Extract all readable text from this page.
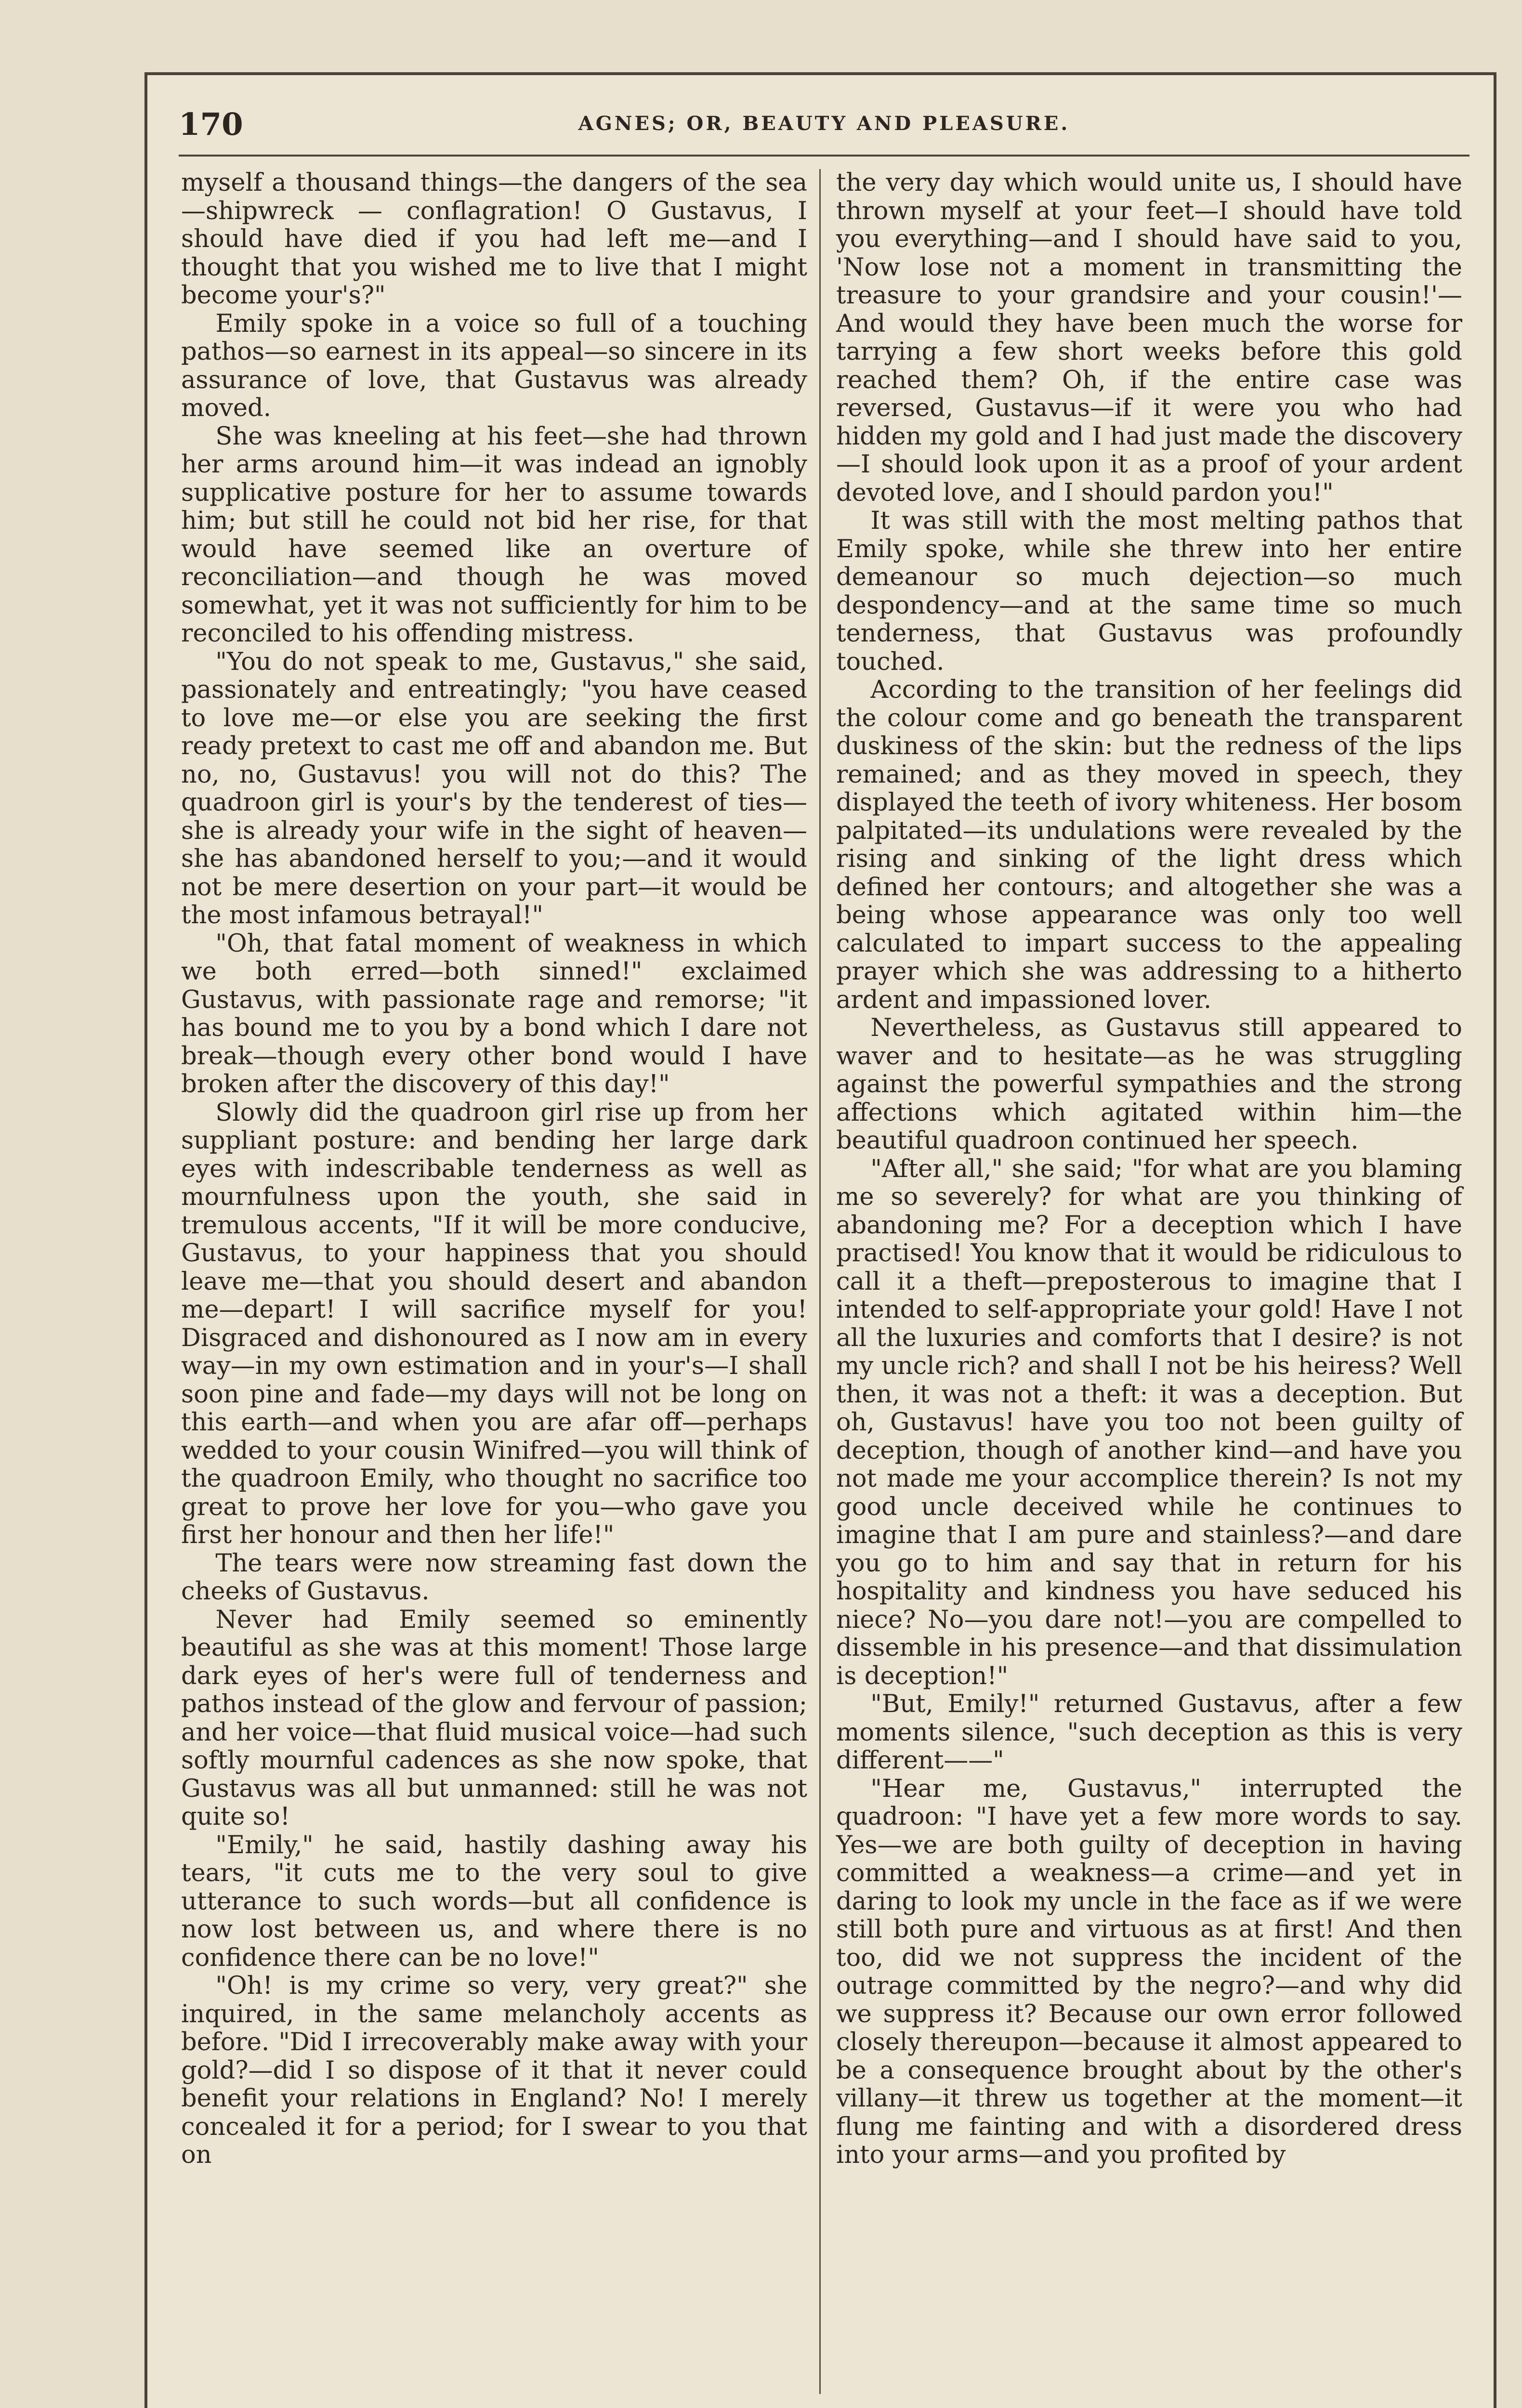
170	AGNES; OR, BEAUTY AND PLEASURE.

myself a thousand things—the dangers of the sea —shipwreck — conflagration! O Gustavus, I should have died if you had left me—and I thought that you wished me to live that I might become your's?"

Emily spoke in a voice so full of a touching pathos—so earnest in its appeal—so sincere in its assurance of love, that Gustavus was already moved.

She was kneeling at his feet—she had thrown her arms around him—it was indead an ignobly supplicative posture for her to assume towards him; but still he could not bid her rise, for that would have seemed like an overture of reconciliation—and though he was moved somewhat, yet it was not sufficiently for him to be reconciled to his offending mistress.

"You do not speak to me, Gustavus," she said, passionately and entreatingly; "you have ceased to love me—or else you are seeking the first ready pretext to cast me off and abandon me. But no, no, Gustavus! you will not do this? The quadroon girl is your's by the tenderest of ties—she is already your wife in the sight of heaven—she has abandoned herself to you;—and it would not be mere desertion on your part—it would be the most infamous betrayal!"

"Oh, that fatal moment of weakness in which we both erred—both sinned!" exclaimed Gustavus, with passionate rage and remorse; "it has bound me to you by a bond which I dare not break—though every other bond would I have broken after the discovery of this day!"

Slowly did the quadroon girl rise up from her suppliant posture: and bending her large dark eyes with indescribable tenderness as well as mournfulness upon the youth, she said in tremulous accents, "If it will be more conducive, Gustavus, to your happiness that you should leave me—that you should desert and abandon me—depart! I will sacrifice myself for you! Disgraced and dishonoured as I now am in every way—in my own estimation and in your's—I shall soon pine and fade—my days will not be long on this earth—and when you are afar off—perhaps wedded to your cousin Winifred—you will think of the quadroon Emily, who thought no sacrifice too great to prove her love for you—who gave you first her honour and then her life!"

The tears were now streaming fast down the cheeks of Gustavus.

Never had Emily seemed so eminently beautiful as she was at this moment! Those large dark eyes of her's were full of tenderness and pathos instead of the glow and fervour of passion; and her voice—that fluid musical voice—had such softly mournful cadences as she now spoke, that Gustavus was all but unmanned: still he was not quite so!

"Emily," he said, hastily dashing away his tears, "it cuts me to the very soul to give utterance to such words—but all confidence is now lost between us, and where there is no confidence there can be no love!"

"Oh! is my crime so very, very great?" she inquired, in the same melancholy accents as before. "Did I irrecoverably make away with your gold?—did I so dispose of it that it never could benefit your relations in England? No! I merely concealed it for a period; for I swear to you that on

the very day which would unite us, I should have thrown myself at your feet—I should have told you everything—and I should have said to you, 'Now lose not a moment in transmitting the treasure to your grandsire and your cousin!'—And would they have been much the worse for tarrying a few short weeks before this gold reached them? Oh, if the entire case was reversed, Gustavus—if it were you who had hidden my gold and I had just made the discovery—I should look upon it as a proof of your ardent devoted love, and I should pardon you!"

It was still with the most melting pathos that Emily spoke, while she threw into her entire demeanour so much dejection—so much despondency—and at the same time so much tenderness, that Gustavus was profoundly touched.

According to the transition of her feelings did the colour come and go beneath the transparent duskiness of the skin: but the redness of the lips remained; and as they moved in speech, they displayed the teeth of ivory whiteness. Her bosom palpitated—its undulations were revealed by the rising and sinking of the light dress which defined her contours; and altogether she was a being whose appearance was only too well calculated to impart success to the appealing prayer which she was addressing to a hitherto ardent and impassioned lover.

Nevertheless, as Gustavus still appeared to waver and to hesitate—as he was struggling against the powerful sympathies and the strong affections which agitated within him—the beautiful quadroon continued her speech.

"After all," she said; "for what are you blaming me so severely? for what are you thinking of abandoning me? For a deception which I have practised! You know that it would be ridiculous to call it a theft—preposterous to imagine that I intended to self-appropriate your gold! Have I not all the luxuries and comforts that I desire? is not my uncle rich? and shall I not be his heiress? Well then, it was not a theft: it was a deception. But oh, Gustavus! have you too not been guilty of deception, though of another kind—and have you not made me your accomplice therein? Is not my good uncle deceived while he continues to imagine that I am pure and stainless?—and dare you go to him and say that in return for his hospitality and kindness you have seduced his niece? No—you dare not!—you are compelled to dissemble in his presence—and that dissimulation is deception!"

"But, Emily!" returned Gustavus, after a few moments silence, "such deception as this is very different——"

"Hear me, Gustavus," interrupted the quadroon: "I have yet a few more words to say. Yes—we are both guilty of deception in having committed a weakness—a crime—and yet in daring to look my uncle in the face as if we were still both pure and virtuous as at first! And then too, did we not suppress the incident of the outrage committed by the negro?—and why did we suppress it? Because our own error followed closely thereupon—because it almost appeared to be a consequence brought about by the other's villany—it threw us together at the moment—it flung me fainting and with a disordered dress into your arms—and you profited by
